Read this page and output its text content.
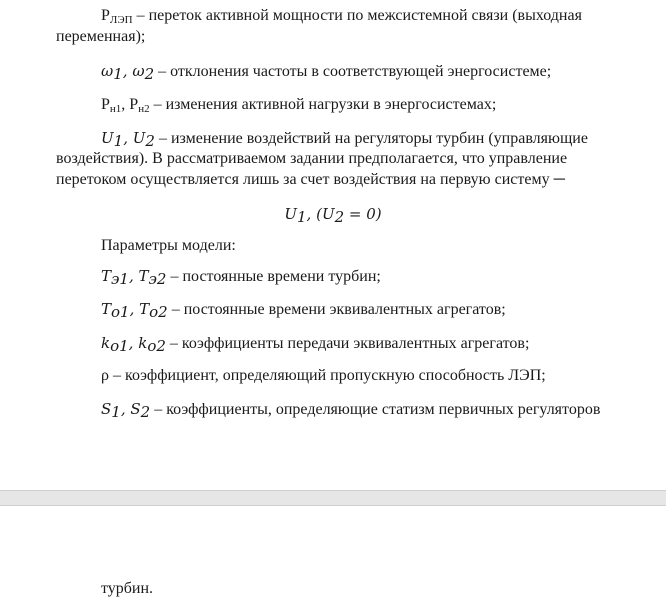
$Р_{ЛЭП}$ – переток активной мощности по межсистемной связи (выходная
переменная);
$\omega_1$, $\omega_2$ – отклонения частоты в соответствующей энергосистеме;
$Р_{н1}$, $Р_{н2}$ – изменения активной нагрузки в энергосистемах;
$U_1$, $U_2$ – изменение воздействий на регуляторы турбин (управляющие
воздействия). В рассматриваемом задании предполагается, что управление
перетоком осуществляется лишь за счет воздействия на первую систему ─
$U_1$, $(U_2 = 0)$
Параметры модели:
$T_{э1}$, $T_{э2}$ – постоянные времени турбин;
$T_{o1}$, $T_{o2}$ – постоянные времени эквивалентных агрегатов;
$k_{o1}$, $k_{o2}$ – коэффициенты передачи эквивалентных агрегатов;
ρ – коэффициент, определяющий пропускную способность ЛЭП;
$S_1$, $S_2$ – коэффициенты, определяющие статизм первичных регуляторов
турбин.
